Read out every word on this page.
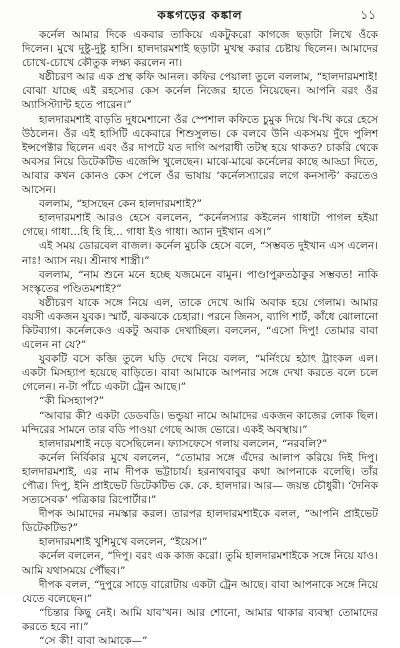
কঙ্কগড়ের কঙ্কাল	১১

কর্নেল আমার দিকে একবার তাকিয়ে একটুকরো কাগজে ছড়াটা লিখে ওঁকে দিলেন। মুখে দুষ্টু-দুষ্টু হাসি। হালদারমশাই ছড়াটা মুখস্থ করার চেষ্টায় ছিলেন। আমাদের চোখে-চোখে কৌতুক লক্ষ্য করলেন না।

ষষ্ঠীচরণ আর এক প্রস্থ কফি আনল। কফির পেয়ালা তুলে বললাম, “হালদারমশাই! বোঝা যাচ্ছে এই রহস্যের কেস কর্নেল নিজের হাতে নিয়েছেন। আপনি বরং ওঁর অ্যাসিস্ট্যান্ট হতে পারেন।”

হালদারমশাই বাড়তি দুধমেশানো ওঁর স্পেশাল কফিতে চুমুক দিয়ে খি-খি করে হেসে উঠলেন। ওঁর এই হাসিটি একেবারে শিশুসুলভ। কে বলবে উনি একসময় দুঁদে পুলিশ ইন্সপেক্টার ছিলেন এবং ওঁর দাপটে যত দাগি অপরাধী তটস্থ হয়ে থাকত? চাকরি থেকে অবসর নিয়ে ডিটেকটিভ এজেন্সি খুলেছেন। মাঝে-মাঝে কর্নেলের কাছে আড্ডা দিতে, আবার কখন কোনও কেস পেলে ওঁর ভাষায় ‘কর্নেলস্যারের লগে কনসাল্ট’ করতেও আসেন।

বললাম, “হাসছেন কেন হালদারমশাই?”

হালদারমশাই আরও হেসে বললেন, “কর্নেলস্যার কইলেন গাধাটা পাগল হইয়া গেছে। গাধা...হি হি হি... গাধা ইও গাধা। অ্যান দুইখান এস।”

এই সময় ডোরবেল বাজল। কর্নেল মুচকি হেসে বলে, “সম্ভবত দুইখান এস এলেন। নাঃ! অ্যাস নয়। শ্রীনাথ শাস্ত্রী।”

বললাম, “নাম শুনে মনে হচ্ছে যজমেনে বামুন। পাণ্ডাপুরুতঠাকুর সম্ভবত! নাকি সংস্কৃতের পণ্ডিতমশাই?”

ষষ্ঠীচরণ যাকে সঙ্গে নিয়ে এল, তাকে দেখে আমি অবাক হয়ে গেলাম। আমার বয়সী একজন যুবক। স্মার্ট, ঝকঝকে চেহারা। পরনে জিনস, ব্যাগি শার্ট, কাঁধে ঝোলানো কিটব্যাগ। কর্নেলকেও একটু অবাক দেখাচ্ছিল। বললেন, “এসো দিপু! তোমার বাবা এলেন না যে?”

যুবকটি বসে কব্জি তুলে ঘড়ি দেখে নিয়ে বলল, “মর্নিংয়ে হঠাৎ ট্রাংকল এল। একটা মিসহ্যাপ হয়েছে বাড়িতে। বাবা আমাকে আপনার সঙ্গে দেখা করতে বলে চলে গেলেন। ন-টা পাঁচে একটা ট্রেন আছে।”

“কী মিসহ্যাপ?”

“আবার কী? একটা ডেডবডি। ভন্ডুয়া নামে আমাদের একজন কাজের লোক ছিল। মন্দিরের সামনে তার বডি পাওয়া গেছে আজ ভোরে। একই অবস্থায়।”

হালদারমশাই নড়ে বসেছিলেন। ফ্যাসফেসে গলায় বললেন, “নরবলি?”

কর্নেল নির্বিকার মুখে বললেন, “তোমার সঙ্গে এঁদের আলাপ করিয়ে দিই দিপু। হালদারমশাই, এর নাম দীপক ভট্টাচার্য। হরনাথবাবুর কথা আপনাকে বলেছি। তাঁর পৌত্র। দিপু, ইনি প্রাইভেট ডিটেকটিভ কে. কে. হালদার। আর— জয়ন্ত চৌধুরী। ‘দৈনিক সত্যসেবক’ পত্রিকার রিপোর্টার।”

দীপক আমাদের নমস্কার করল। তারপর হালদারমশাইকে বলল, “আপনি প্রাইভেট ডিটেকটিভ?”

হালদারমশাই খুশিমুখে বললেন, “ইয়েস।”

কর্নেল বললেন, “দিপু। বরং এক কাজ করো। তুমি হালদারমশাইকে সঙ্গে নিয়ে যাও। আমি যথাসময়ে পৌঁছব।”

দীপক বলল, “দুপুরে সাড়ে বারোটায় একটা ট্রেন আছে। বাবা আপনাকে সঙ্গে নিয়ে যেতে বলেছেন।”

“চিন্তার কিছু নেই। আমি যাব’খন। আর শোনো, আমার থাকার ব্যবস্থা তোমাদের করতে হবে না।”

“সে কী! বাবা আমাকে—”
